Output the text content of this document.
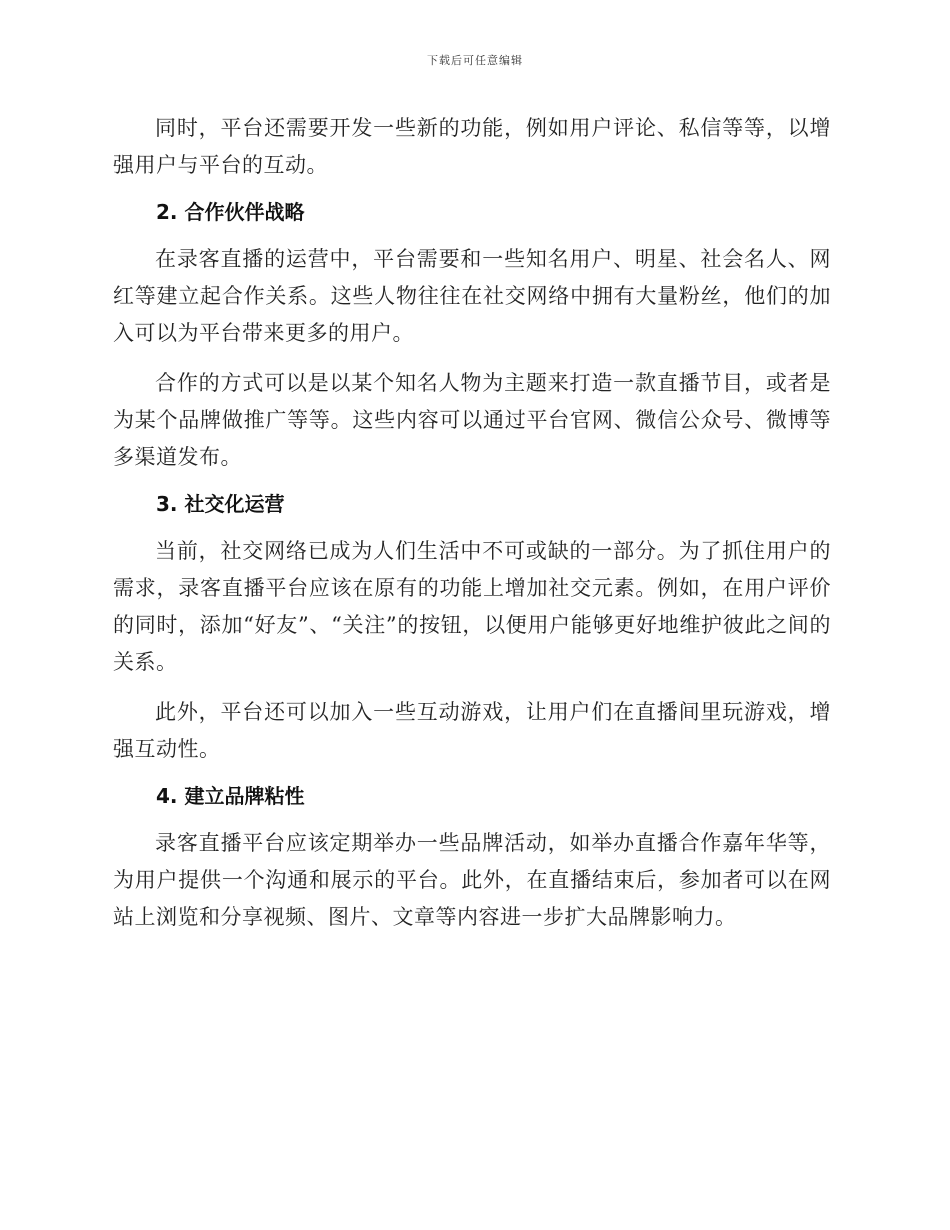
下载后可任意编辑

同时，平台还需要开发一些新的功能，例如用户评论、私信等等，以增强用户与平台的互动。

2. 合作伙伴战略

在录客直播的运营中，平台需要和一些知名用户、明星、社会名人、网红等建立起合作关系。这些人物往往在社交网络中拥有大量粉丝，他们的加入可以为平台带来更多的用户。

合作的方式可以是以某个知名人物为主题来打造一款直播节目，或者是为某个品牌做推广等等。这些内容可以通过平台官网、微信公众号、微博等多渠道发布。

3. 社交化运营

当前，社交网络已成为人们生活中不可或缺的一部分。为了抓住用户的需求，录客直播平台应该在原有的功能上增加社交元素。例如，在用户评价的同时，添加“好友”、“关注”的按钮，以便用户能够更好地维护彼此之间的关系。

此外，平台还可以加入一些互动游戏，让用户们在直播间里玩游戏，增强互动性。

4. 建立品牌粘性

录客直播平台应该定期举办一些品牌活动，如举办直播合作嘉年华等，为用户提供一个沟通和展示的平台。此外，在直播结束后，参加者可以在网站上浏览和分享视频、图片、文章等内容进一步扩大品牌影响力。
